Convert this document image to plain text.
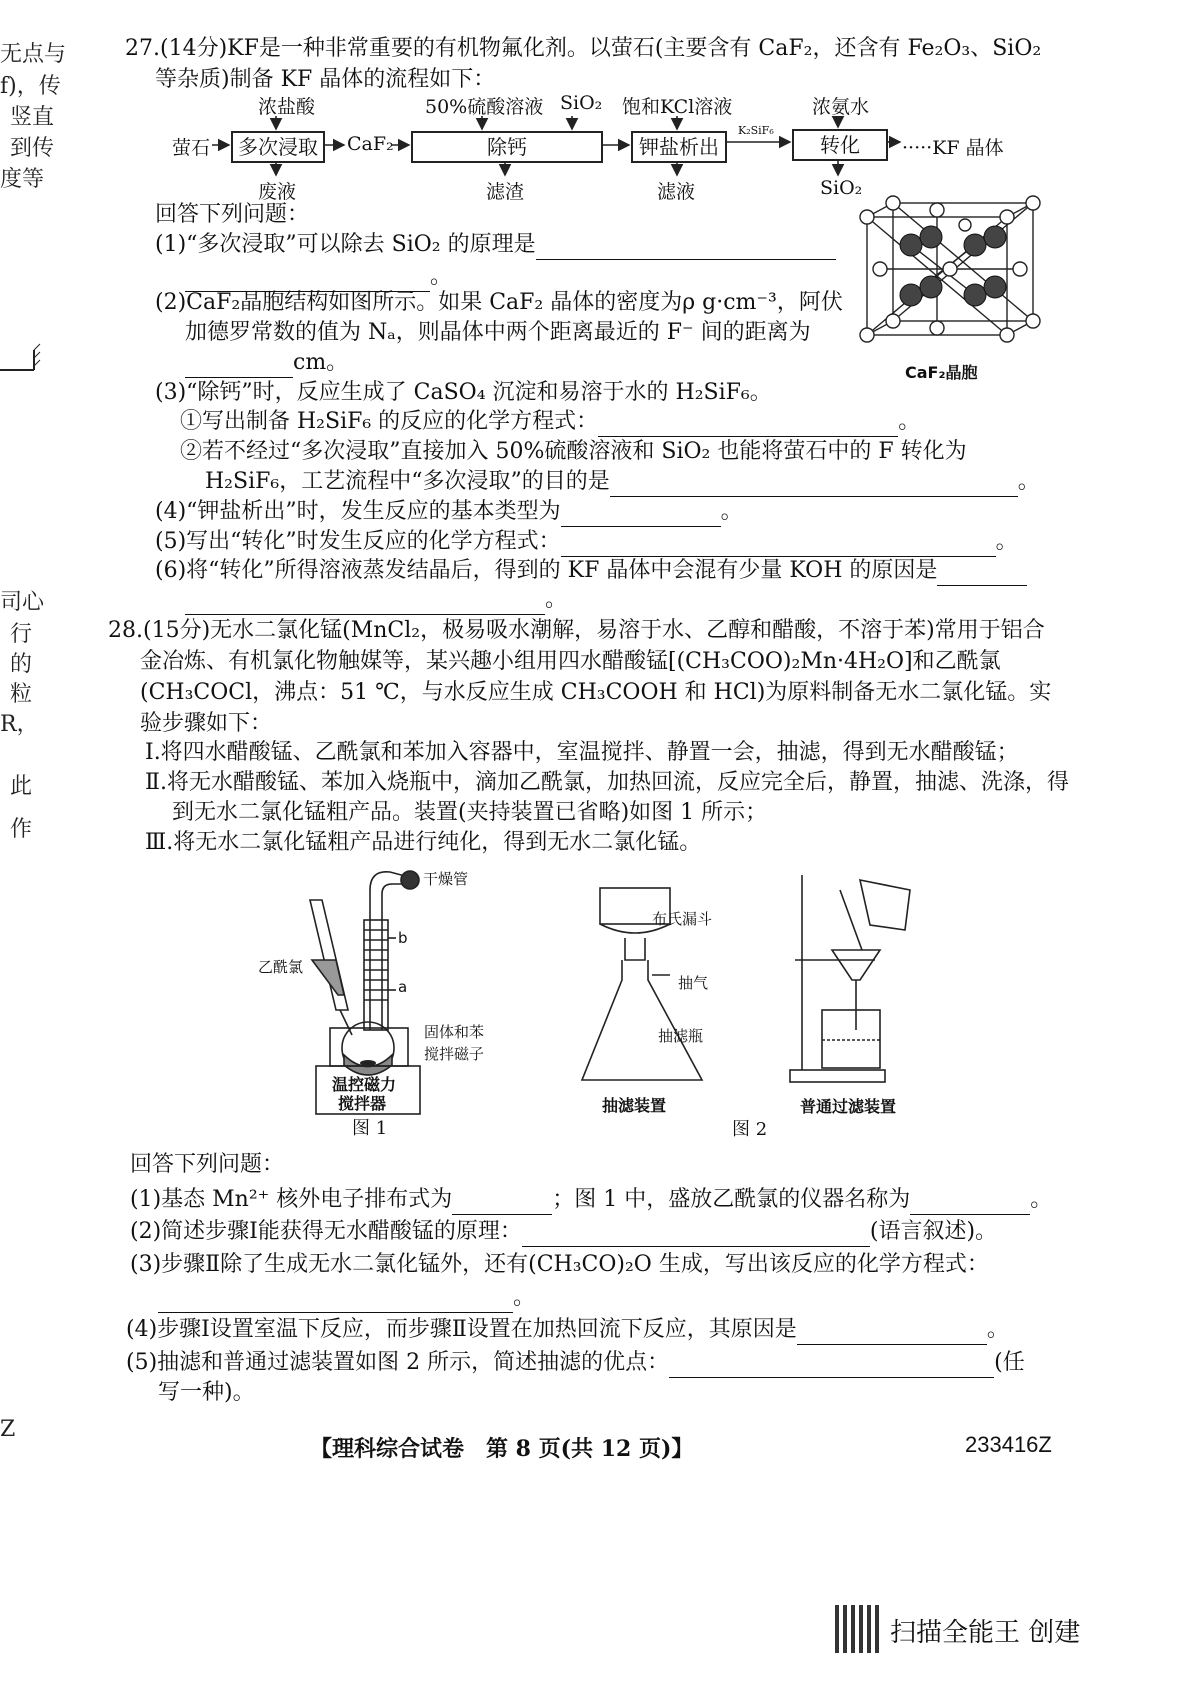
无点与
f)，传
竖直
到传
度等
司心
行
的
粒
R，
此
作
Z
27.(14分)KF是一种非常重要的有机物氟化剂。以萤石(主要含有 CaF₂，还含有 Fe₂O₃、SiO₂
等杂质)制备 KF 晶体的流程如下：
浓盐酸	50%硫酸溶液 SiO₂ 饱和KCl溶液	浓氨水
萤石	多次浸取	CaF₂	除钙	钾盐析出
K₂SiF₆
转化	·····KF 晶体
废液	滤渣	滤液	SiO₂
回答下列问题：
(1)“多次浸取”可以除去 SiO₂ 的原理是
。
(2)CaF₂晶胞结构如图所示。如果 CaF₂ 晶体的密度为ρ g·cm⁻³，阿伏
加德罗常数的值为 Nₐ，则晶体中两个距离最近的 F⁻ 间的距离为
cm。	CaF₂晶胞
(3)“除钙”时，反应生成了 CaSO₄ 沉淀和易溶于水的 H₂SiF₆。
①写出制备 H₂SiF₆ 的反应的化学方程式：	。
②若不经过“多次浸取”直接加入 50%硫酸溶液和 SiO₂ 也能将萤石中的 F 转化为
H₂SiF₆，工艺流程中“多次浸取”的目的是	。
(4)“钾盐析出”时，发生反应的基本类型为	。
(5)写出“转化”时发生反应的化学方程式：	。
(6)将“转化”所得溶液蒸发结晶后，得到的 KF 晶体中会混有少量 KOH 的原因是
。
28.(15分)无水二氯化锰(MnCl₂，极易吸水潮解，易溶于水、乙醇和醋酸，不溶于苯)常用于铝合
金冶炼、有机氯化物触媒等，某兴趣小组用四水醋酸锰[(CH₃COO)₂Mn·4H₂O]和乙酰氯
(CH₃COCl，沸点：51 ℃，与水反应生成 CH₃COOH 和 HCl)为原料制备无水二氯化锰。实
验步骤如下：
Ⅰ.将四水醋酸锰、乙酰氯和苯加入容器中，室温搅拌、静置一会，抽滤，得到无水醋酸锰；
Ⅱ.将无水醋酸锰、苯加入烧瓶中，滴加乙酰氯，加热回流，反应完全后，静置，抽滤、洗涤，得
到无水二氯化锰粗产品。装置(夹持装置已省略)如图 1 所示；
Ⅲ.将无水二氯化锰粗产品进行纯化，得到无水二氯化锰。
干燥管
b
a
乙酰氯
固体和苯
搅拌磁子
温控磁力
搅拌器
图 1
布氏漏斗
抽气
抽滤瓶
抽滤装置	普通过滤装置
图 2
回答下列问题：
(1)基态 Mn²⁺ 核外电子排布式为	；图 1 中，盛放乙酰氯的仪器名称为	。
(2)简述步骤Ⅰ能获得无水醋酸锰的原理：	(语言叙述)。
(3)步骤Ⅱ除了生成无水二氯化锰外，还有(CH₃CO)₂O 生成，写出该反应的化学方程式：
。
(4)步骤Ⅰ设置室温下反应，而步骤Ⅱ设置在加热回流下反应，其原因是	。
(5)抽滤和普通过滤装置如图 2 所示，简述抽滤的优点：	(任
写一种)。
【理科综合试卷　第 8 页(共 12 页)】	233416Z
扫描全能王 创建
